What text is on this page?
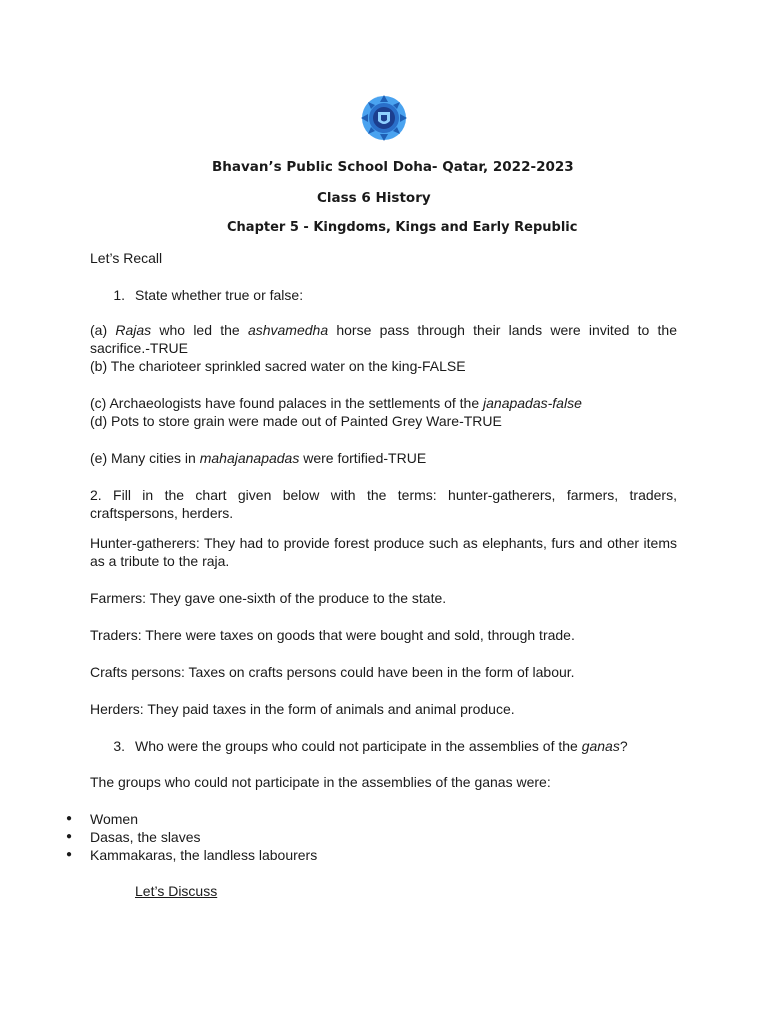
Bhavan’s Public School Doha- Qatar, 2022-2023
Class 6 History
Chapter 5 - Kingdoms, Kings and Early Republic
Let’s Recall
1. State whether true or false:
(a) Rajas who led the ashvamedha horse pass through their lands were invited to the sacrifice.-TRUE
(b) The charioteer sprinkled sacred water on the king-FALSE
(c) Archaeologists have found palaces in the settlements of the janapadas-false
(d) Pots to store grain were made out of Painted Grey Ware-TRUE
(e) Many cities in mahajanapadas were fortified-TRUE
2. Fill in the chart given below with the terms: hunter-gatherers, farmers, traders, craftspersons, herders.
Hunter-gatherers: They had to provide forest produce such as elephants, furs and other items as a tribute to the raja.
Farmers: They gave one-sixth of the produce to the state.
Traders: There were taxes on goods that were bought and sold, through trade.
Crafts persons: Taxes on crafts persons could have been in the form of labour.
Herders: They paid taxes in the form of animals and animal produce.
3. Who were the groups who could not participate in the assemblies of the ganas?
The groups who could not participate in the assemblies of the ganas were:
● Women
● Dasas, the slaves
● Kammakaras, the landless labourers
Let’s Discuss
